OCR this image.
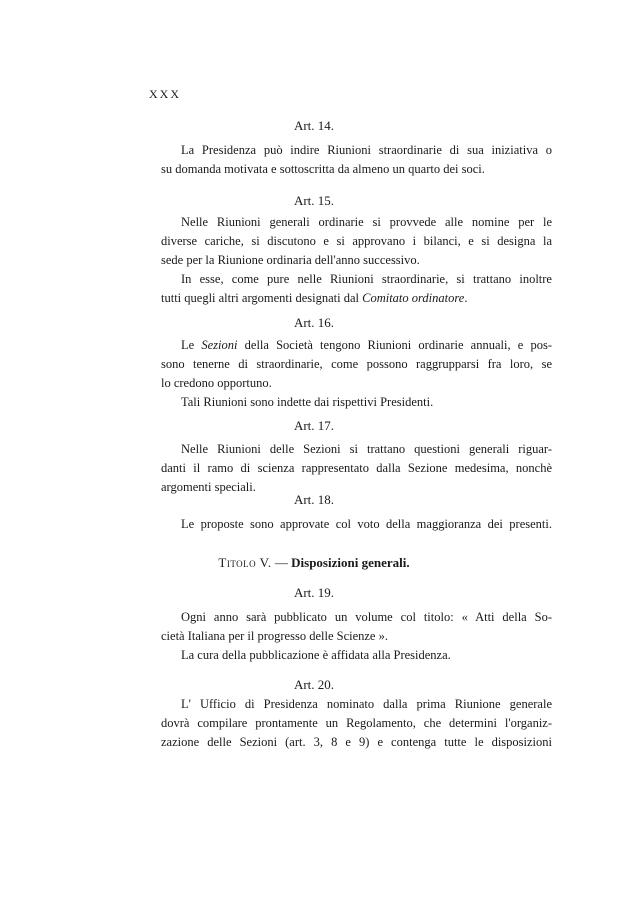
XXX
Art. 14.
La Presidenza può indire Riunioni straordinarie di sua iniziativa o
su domanda motivata e sottoscritta da almeno un quarto dei soci.
Art. 15.
Nelle Riunioni generali ordinarie si provvede alle nomine per le
diverse cariche, si discutono e si approvano i bilanci, e si designa la
sede per la Riunione ordinaria dell'anno successivo.
In esse, come pure nelle Riunioni straordinarie, si trattano inoltre
tutti quegli altri argomenti designati dal Comitato ordinatore.
Art. 16.
Le Sezioni della Società tengono Riunioni ordinarie annuali, e pos-
sono tenerne di straordinarie, come possono raggrupparsi fra loro, se
lo credono opportuno.
Tali Riunioni sono indette dai rispettivi Presidenti.
Art. 17.
Nelle Riunioni delle Sezioni si trattano questioni generali riguar-
danti il ramo di scienza rappresentato dalla Sezione medesima, nonchè
argomenti speciali.
Art. 18.
Le proposte sono approvate col voto della maggioranza dei presenti.
Titolo V. — Disposizioni generali.
Art. 19.
Ogni anno sarà pubblicato un volume col titolo: « Atti della So-
cietà Italiana per il progresso delle Scienze ».
La cura della pubblicazione è affidata alla Presidenza.
Art. 20.
L' Ufficio di Presidenza nominato dalla prima Riunione generale
dovrà compilare prontamente un Regolamento, che determini l'organiz-
zazione delle Sezioni (art. 3, 8 e 9) e contenga tutte le disposizioni
